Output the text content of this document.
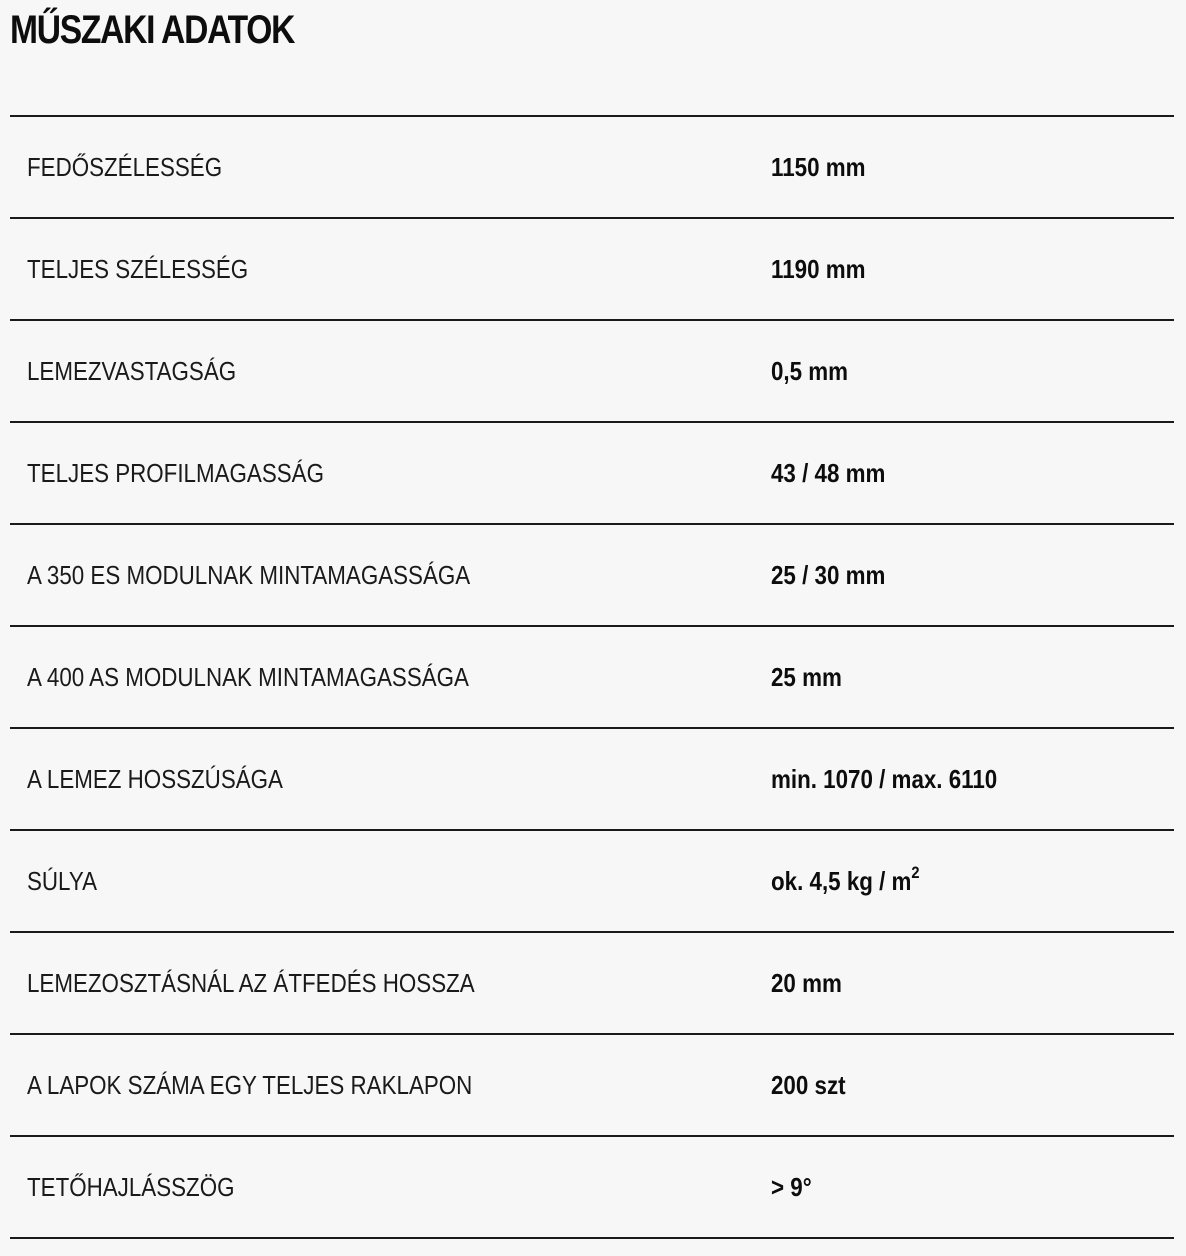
MŰSZAKI ADATOK
FEDŐSZÉLESSÉG	1150 mm
TELJES SZÉLESSÉG	1190 mm
LEMEZVASTAGSÁG	0,5 mm
TELJES PROFILMAGASSÁG	43 / 48 mm
A 350 ES MODULNAK MINTAMAGASSÁGA	25 / 30 mm
A 400 AS MODULNAK MINTAMAGASSÁGA	25 mm
A LEMEZ HOSSZÚSÁGA	min. 1070 / max. 6110
SÚLYA	ok. 4,5 kg / $m^2$
LEMEZOSZTÁSNÁL AZ ÁTFEDÉS HOSSZA	20 mm
A LAPOK SZÁMA EGY TELJES RAKLAPON	200 szt
TETŐHAJLÁSSZÖG	> 9°
